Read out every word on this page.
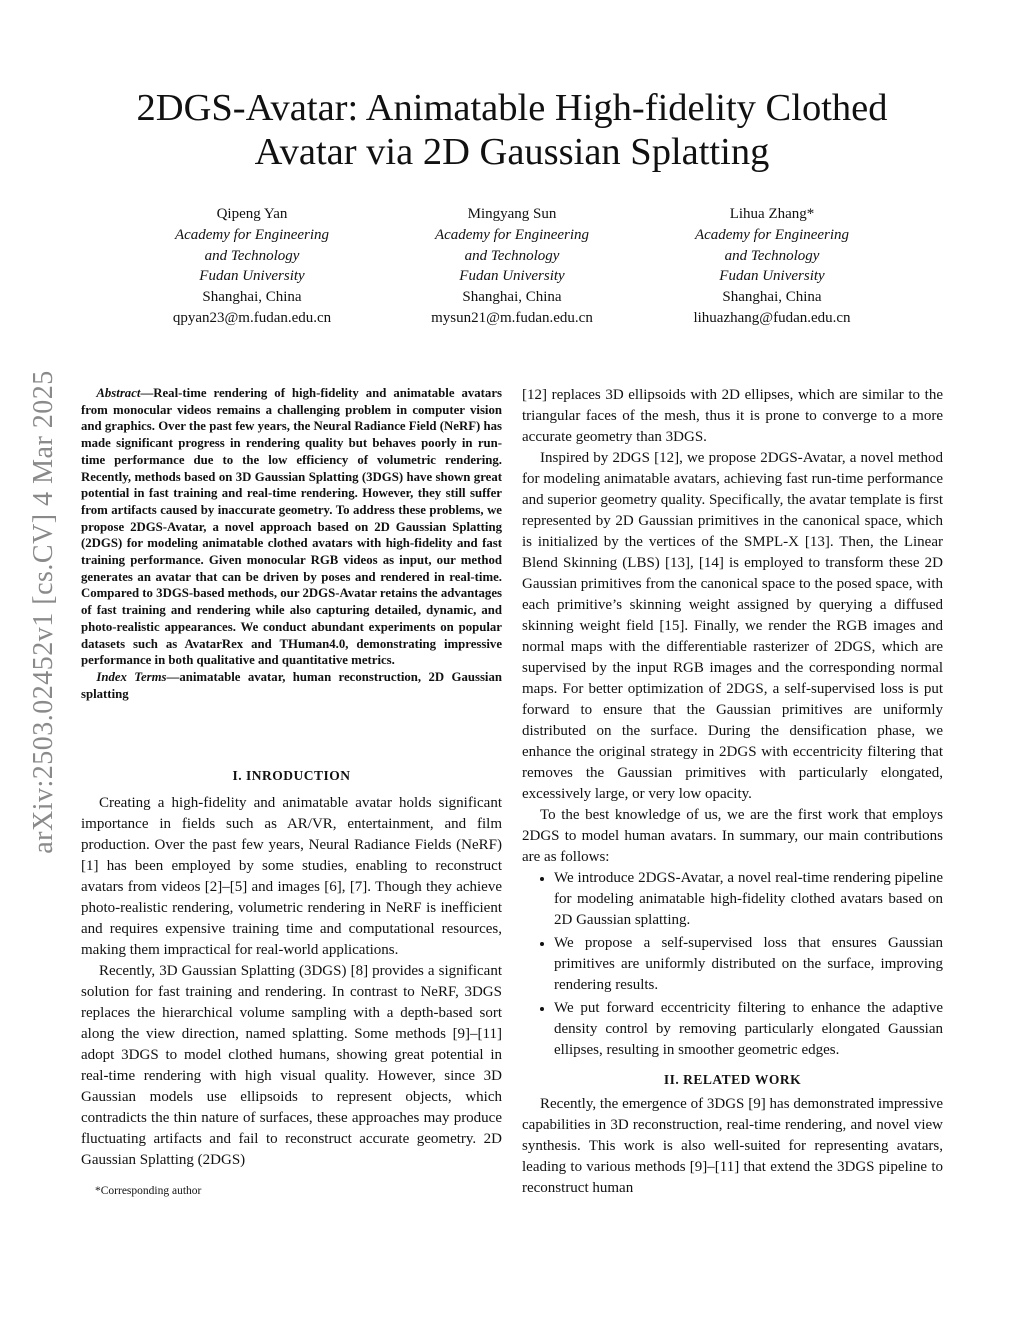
2DGS-Avatar: Animatable High-fidelity Clothed
Avatar via 2D Gaussian Splatting
Qipeng Yan
Academy for Engineering
and Technology
Fudan University
Shanghai, China
qpyan23@m.fudan.edu.cn
Mingyang Sun
Academy for Engineering
and Technology
Fudan University
Shanghai, China
mysun21@m.fudan.edu.cn
Lihua Zhang*
Academy for Engineering
and Technology
Fudan University
Shanghai, China
lihuazhang@fudan.edu.cn
arXiv:2503.02452v1 [cs.CV] 4 Mar 2025	Abstract—Real-time rendering of high-fidelity and animatable avatars from monocular videos remains a challenging problem in computer vision and graphics. Over the past few years, the Neural Radiance Field (NeRF) has made significant progress in rendering quality but behaves poorly in run-time performance due to the low efficiency of volumetric rendering. Recently, methods based on 3D Gaussian Splatting (3DGS) have shown great potential in fast training and real-time rendering. However, they still suffer from artifacts caused by inaccurate geometry. To address these problems, we propose 2DGS-Avatar, a novel approach based on 2D Gaussian Splatting (2DGS) for modeling animatable clothed avatars with high-fidelity and fast training performance. Given monocular RGB videos as input, our method generates an avatar that can be driven by poses and rendered in real-time. Compared to 3DGS-based methods, our 2DGS-Avatar retains the advantages of fast training and rendering while also capturing detailed, dynamic, and photo-realistic appearances. We conduct abundant experiments on popular datasets such as AvatarRex and THuman4.0, demonstrating impressive performance in both qualitative and quantitative metrics.

Index Terms—animatable avatar, human reconstruction, 2D Gaussian splatting

I. INRODUCTION

Creating a high-fidelity and animatable avatar holds significant importance in fields such as AR/VR, entertainment, and film production. Over the past few years, Neural Radiance Fields (NeRF) [1] has been employed by some studies, enabling to reconstruct avatars from videos [2]–[5] and images [6], [7]. Though they achieve photo-realistic rendering, volumetric rendering in NeRF is inefficient and requires expensive training time and computational resources, making them impractical for real-world applications.

Recently, 3D Gaussian Splatting (3DGS) [8] provides a significant solution for fast training and rendering. In contrast to NeRF, 3DGS replaces the hierarchical volume sampling with a depth-based sort along the view direction, named splatting. Some methods [9]–[11] adopt 3DGS to model clothed humans, showing great potential in real-time rendering with high visual quality. However, since 3D Gaussian models use ellipsoids to represent objects, which contradicts the thin nature of surfaces, these approaches may produce fluctuating artifacts and fail to reconstruct accurate geometry. 2D Gaussian Splatting (2DGS)

*Corresponding author

[12] replaces 3D ellipsoids with 2D ellipses, which are similar to the triangular faces of the mesh, thus it is prone to converge to a more accurate geometry than 3DGS.

Inspired by 2DGS [12], we propose 2DGS-Avatar, a novel method for modeling animatable avatars, achieving fast run-time performance and superior geometry quality. Specifically, the avatar template is first represented by 2D Gaussian primitives in the canonical space, which is initialized by the vertices of the SMPL-X [13]. Then, the Linear Blend Skinning (LBS) [13], [14] is employed to transform these 2D Gaussian primitives from the canonical space to the posed space, with each primitive’s skinning weight assigned by querying a diffused skinning weight field [15]. Finally, we render the RGB images and normal maps with the differentiable rasterizer of 2DGS, which are supervised by the input RGB images and the corresponding normal maps. For better optimization of 2DGS, a self-supervised loss is put forward to ensure that the Gaussian primitives are uniformly distributed on the surface. During the densification phase, we enhance the original strategy in 2DGS with eccentricity filtering that removes the Gaussian primitives with particularly elongated, excessively large, or very low opacity.

To the best knowledge of us, we are the first work that employs 2DGS to model human avatars. In summary, our main contributions are as follows:

• We introduce 2DGS-Avatar, a novel real-time rendering pipeline for modeling animatable high-fidelity clothed avatars based on 2D Gaussian splatting.
• We propose a self-supervised loss that ensures Gaussian primitives are uniformly distributed on the surface, improving rendering results.
• We put forward eccentricity filtering to enhance the adaptive density control by removing particularly elongated Gaussian ellipses, resulting in smoother geometric edges.
II. RELATED WORK

Recently, the emergence of 3DGS [9] has demonstrated impressive capabilities in 3D reconstruction, real-time rendering, and novel view synthesis. This work is also well-suited for representing avatars, leading to various methods [9]–[11] that extend the 3DGS pipeline to reconstruct human
